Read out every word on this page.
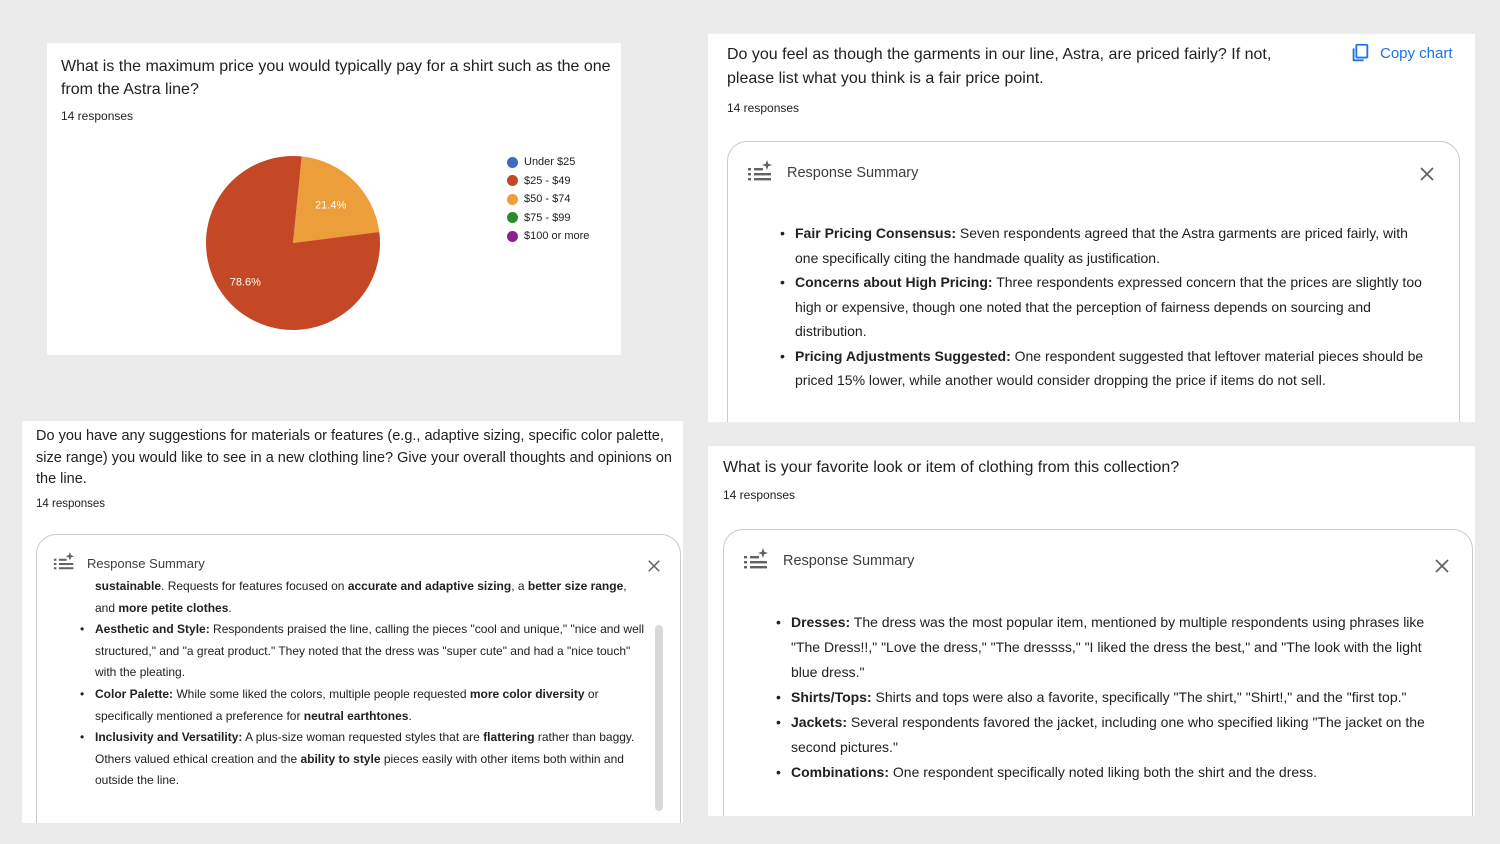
What is the maximum price you would typically pay for a shirt such as the one from the Astra line?
14 responses
21.4%
78.6%
Under $25
$25 - $49
$50 - $74
$75 - $99
$100 or more
Do you feel as though the garments in our line, Astra, are priced fairly? If not, please list what you think is a fair price point.
14 responses
Copy chart
Response Summary
• Fair Pricing Consensus: Seven respondents agreed that the Astra garments are priced fairly, with one specifically citing the handmade quality as justification.
• Concerns about High Pricing: Three respondents expressed concern that the prices are slightly too high or expensive, though one noted that the perception of fairness depends on sourcing and distribution.
• Pricing Adjustments Suggested: One respondent suggested that leftover material pieces should be priced 15% lower, while another would consider dropping the price if items do not sell.
Do you have any suggestions for materials or features (e.g., adaptive sizing, specific color palette, size range) you would like to see in a new clothing line? Give your overall thoughts and opinions on the line.
14 responses
Response Summary
sustainable. Requests for features focused on accurate and adaptive sizing, a better size range,
and more petite clothes.
• Aesthetic and Style: Respondents praised the line, calling the pieces "cool and unique," "nice and well structured," and "a great product." They noted that the dress was "super cute" and had a "nice touch" with the pleating.
• Color Palette: While some liked the colors, multiple people requested more color diversity or specifically mentioned a preference for neutral earthtones.
• Inclusivity and Versatility: A plus-size woman requested styles that are flattering rather than baggy. Others valued ethical creation and the ability to style pieces easily with other items both within and outside the line.
What is your favorite look or item of clothing from this collection?
14 responses
Response Summary
• Dresses: The dress was the most popular item, mentioned by multiple respondents using phrases like "The Dress!!," "Love the dress," "The dressss," "I liked the dress the best," and "The look with the light blue dress."
• Shirts/Tops: Shirts and tops were also a favorite, specifically "The shirt," "Shirt!," and the "first top."
• Jackets: Several respondents favored the jacket, including one who specified liking "The jacket on the second pictures."
• Combinations: One respondent specifically noted liking both the shirt and the dress.
